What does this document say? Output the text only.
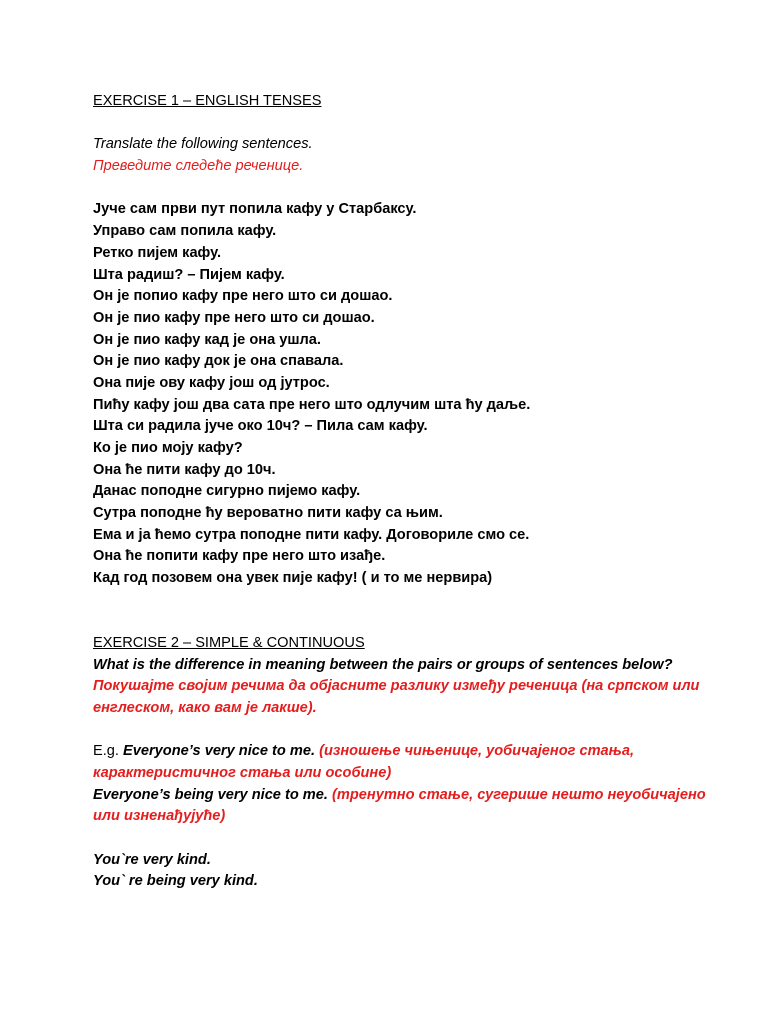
EXERCISE 1 – ENGLISH TENSES
Translate the following sentences.
Преведите следеће реченице.
Јуче сам први пут попила кафу у Старбаксу.
Управо сам попила кафу.
Ретко пијем кафу.
Шта радиш? – Пијем кафу.
Он је попио кафу пре него што си дошао.
Он је пио кафу пре него што си дошао.
Он је пио кафу кад је она ушла.
Он је пио кафу док је она спавала.
Она пије ову кафу још од јутрос.
Пићу кафу још два сата пре него што одлучим шта ћу даље.
Шта си радила јуче око 10ч? – Пила сам кафу.
Ко је пио моју кафу?
Она ће пити кафу до 10ч.
Данас поподне сигурно пијемо кафу.
Сутра поподне ћу вероватно пити кафу са њим.
Ема и ја ћемо сутра поподне пити кафу. Договориле смо се.
Она ће попити кафу пре него што изађе.
Кад год позовем она увек пије кафу! ( и то ме нервира)
EXERCISE 2 – SIMPLE & CONTINUOUS
What is the difference in meaning between the pairs or groups of sentences below?
Покушајте својим речима да објасните разлику између реченица (на српском или енглеском, како вам је лакше).
E.g. Everyone’s very nice to me. (изношење чињенице, уобичајеног стања, карактеристичног стања или особине)
Everyone’s being very nice to me. (тренутно стање, сугерише нешто неуобичајено или изненађујуће)
You`re very kind.
You` re being very kind.
